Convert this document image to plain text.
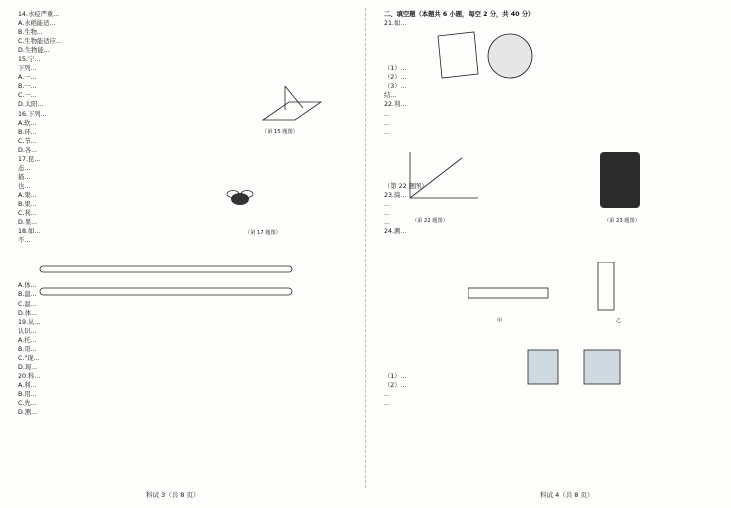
14.水痘严重...

A.水稻能适...

B.生物...

C.生物能适应...

D.生物能...

15.宁...

下列...

A.一...

B.一...

C.一...

D.太阳...

16.下列...

A.软...

B.环...

C.节...

D.各...

17.昆...

态...

描...

也...

A.果...

B.果...

C.利...

D.果...

18.如...

不...

A.体...

B.温...

C.温...

D.体...

19.从...

认识...

A.托...

B.哥...

C."现...

D.现...

20.科...

A.利...

B.用...

C.先...

D.测...

二、填空题（本题共 6 小题，每空 2 分，共 40 分）

21.如...

（1）...

（2）...

（3）...

结...

22.利...

...

...

...

（第 22 题图）

23.骑...

...

...

...

24.测...

（1）...

（2）...

...

...

（第 15 题图）
（第 17 题图）
（第 22 题图）	（第 23 题图）
甲	乙
科试 3（共 8 页）	科试 4（共 8 页）
